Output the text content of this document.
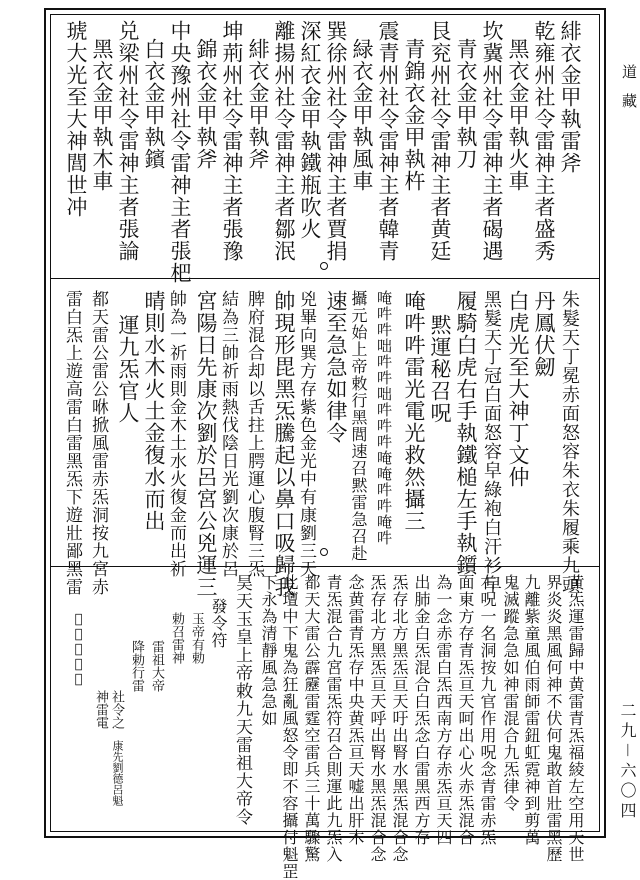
道藏
二九－六〇四
緋衣金甲執雷斧
乾雍州社令雷神主者盛秀
黑衣金甲執火車
坎冀州社令雷神主者碣遇
青衣金甲執刀
艮兖州社令雷神主者黄廷
青錦衣金甲執杵
震青州社令雷神主者韓青
緑衣金甲執風車
巽徐州社令雷神主者賈捐
深紅衣金甲執鐵瓶吹火
離揚州社令雷神主者鄒泯
緋衣金甲執斧
坤荊州社令雷神主者張豫
錦衣金甲執斧
中央豫州社令雷神主者張杷
白衣金甲執鑌
兑梁州社令雷神主者張論
黑衣金甲執木車
琥大光至大神閭世冲
朱髮天丁冕赤面怒容朱衣朱履乘九頭
丹鳳伏劒
白虎光至大神丁文仲
黑髮天丁冠白面怒容皁綠袍白汗衫皁
履騎白虎右手執鐵槌左手執鑕
黙運秘召呪
唵吽吽雷光電光救然攝三
唵吽吽咄吽吽咄吽吽吽唵唵吽吽唵吽
攝元始上帝敕行黑閭速召黙雷急召赴
速至急急如律令
兇畢向巽方存紫色金光中有康劉三天
帥現形毘黑炁騰起以鼻口吸歸我
脾府混合却以舌拄上腭運心腹腎三炁
結為三帥祈雨熱伐陰日光劉次康於呂
宮陽日先康次劉於呂宮公兇運三
帥為一祈雨則金木土水火復金而出祈
晴則水木火土金復水而出
運九炁官人
都天雷公雷公咻掀風雷赤炁洞按九宮赤
雷白炁上遊高雷白雷黑炁下遊壯鄙黑雷
黄炁運雷歸中黄雷青炁福綾左空用天世
界炎炎黑風何神不伏何鬼敢首壯雷黑歷
九離紫童風伯雨師雷鈕虹霓神到剪萬
鬼滅蹤急急如神雷混合九炁律令
右呪一名洞按九官作用呪念青雷赤炁
面東方存青炁亘天呵出心火赤炁混合
為一念赤雷白炁西南方存赤炁亘天四
出肺金白炁混合白炁念白雷黑西方存
炁存北方黑炁亘天吁出腎水黑炁混合念
炁存北方黑炁亘天呼出腎水黑炁混合念
念黄雷青炁存中央黄炁亘天嘘出肝木
青炁混合九宮雷炁符召合則運此九炁入
都天大雷公霹靂雷霆空雷兵三十萬驟驚
此壇中下鬼為狂亂風怒令即不容攝付魁罡
下永為清靜風急急如
昊天玉皇上帝敕九天雷祖大帝令
發令符
玉帝有勅
勅召雷神
雷祖大帝
降勅行雷
社令之
神雷電
康先劉德呂魁
𣇕𣇕欽承帝
